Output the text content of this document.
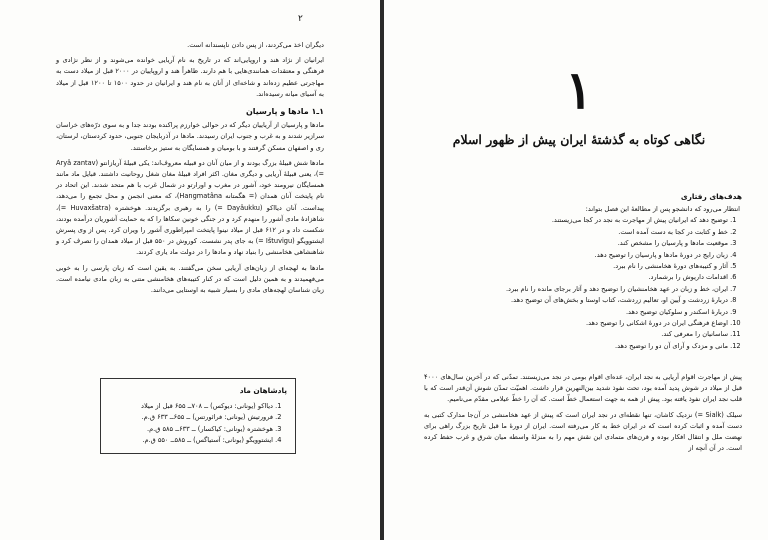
۲

دیگران اخذ می‌کردند، از پس دادن ناپسندانه است.

ایرانیان از نژاد هند و اروپایی‌اند که در تاریخ به نام آریایی خوانده می‌شوند و از نظر نژادی و فرهنگی و معتقدات همانندی‌هایی با هم دارند. ظاهراً هند و اروپاییان در ۲۰۰۰ قبل از میلاد دست به مهاجرتی عظیم زده‌اند و شاخه‌ای از آنان به نام هند و ایرانیان در حدود ۱۵۰۰ تا ۱۲۰۰ قبل از میلاد به آسیای میانه رسیده‌اند.

۱ـ۱ مادها و پارسیان

مادها و پارسیان از آریاییان دیگر که در حوالی خوارزم پراکنده بودند جدا و به سوی درّه‌های خراسان سرازیر شدند و به غرب و جنوب ایران رسیدند. مادها در آذربایجان جنوبی، حدود کردستان، لرستان، ری و اصفهان مسکن گرفتند و با بومیان و همسایگان به ستیز برخاستند.

مادها شش قبیلهٔ بزرگ بودند و از میان آنان دو قبیله معروف‌اند: یکی قبیلهٔ آریازانتو (Aryâ zantav =)، یعنی قبیلهٔ آریایی و دیگری مغان. اکثر افراد قبیلهٔ مغان شغل روحانیت داشتند. قبایل ماد مانند همسایگان نیرومند خود، آشور در مغرب و اورارتو در شمال غرب با هم متحد شدند. این اتحاد در نام پایتخت آنان همدان (= هگمتانه Hangmatâna)، که معنی انجمن و محل تجمع را می‌دهد، پیداست. آنان دیااکو (Dayâukku =) را به رهبری برگزیدند. هوخشتره (Huvaxšatra =)، شاهزادهٔ مادی آشور را منهدم کرد و در جنگی خونین سکاها را که به حمایت آشوریان درآمده بودند، شکست داد و در ۶۱۲ قبل از میلاد نینوا پایتخت امپراطوری آشور را ویران کرد. پس از وی پسرش ایشتوویگو (Ištuvigu =) به جای پدر نشست. کوروش در ۵۵۰ قبل از میلاد همدان را تصرف کرد و شاهنشاهی هخامنشی را بنیاد نهاد و مادها را در دولت ماد یاری کردند.

مادها به لهجه‌ای از زبان‌های آریایی سخن می‌گفتند. به یقین است که زبان پارسی را به خوبی می‌فهمیدند و به همین دلیل است که در کنار کتیبه‌های هخامنشی متنی به زبان مادی نیامده است. زبان شناسان لهجه‌های مادی را بسیار شبیه به اوستایی می‌دانند.

پادشاهان ماد
1. دیااکو (یونانی: دیوکس) ــ ۷۰۸ــ ۶۵۵ قبل از میلاد
2. فرورتیش (یونانی: فرائورتس) ــ ۶۵۵ــ ۶۳۳ ق.م.
3. هوخشتره (یونانی: کیاکسار) ــ ۶۳۳ــ ۵۸۵ ق.م.
4. ایشتوویگو (یونانی: آستیاگس) ــ ۵۸۵ــ ۵۵۰ ق.م.
۱
نگاهی کوتاه به گذشتهٔ ایران پیش از ظهور اسلام
هدف‌های رفتاری
انتظار می‌رود که دانشجو پس از مطالعهٔ این فصل بتواند:
1. توضیح دهد که ایرانیان پیش از مهاجرت به نجد در کجا می‌زیستند.
2. خط و کتابت در کجا به دست آمده است.
3. موقعیت مادها و پارسیان را مشخص کند.
4. زبان رایج در دورهٔ مادها و پارسیان را توضیح دهد.
5. آثار و کتیبه‌های دورهٔ هخامنشی را نام ببرد.
6. اقدامات داریوش را برشمارد.
7. ایران، خط و زبان در عهد هخامنشیان را توضیح دهد و آثار برجای مانده را نام ببرد.
8. دربارهٔ زردشت و آیین او، تعالیم زردشت، کتاب اوستا و بخش‌های آن توضیح دهد.
9. دربارهٔ اسکندر و سلوکیان توضیح دهد.
10. اوضاع فرهنگی ایران در دورهٔ اشکانی را توضیح دهد.
11. ساسانیان را معرفی کند.
12. مانی و مزدک و آرای آن دو را توضیح دهد.

پیش از مهاجرت اقوام آریایی به نجد ایران، عده‌ای اقوام بومی در نجد می‌زیستند. تمدّنی که در آخرین سال‌های ۴۰۰۰ قبل از میلاد در شوش پدید آمده بود، تحت نفوذ شدید بین‌النهرین قرار داشت. اهمیّت تمدّن شوش آن‌قدر است که با قلب نجد ایران نفوذ یافته بود. پیش از همه به جهت استعمال خطّ است. که آن را خطّ عیلامی مقدّم می‌نامیم.

سیلک (Sialk =) نزدیک کاشان، تنها نقطه‌ای در نجد ایران است که پیش از عهد هخامنشی در آن‌جا مدارک کتبی به دست آمده و اثبات کرده است که در ایران خط به کار می‌رفته است. ایران از دورهٔ ما قبل تاریخ بزرگ راهی برای نهضت ملل و انتقال افکار بوده و قرن‌های متمادی این نقش مهم را به منزلهٔ واسطه میان شرق و غرب حفظ کرده است. در آن آنچه از
